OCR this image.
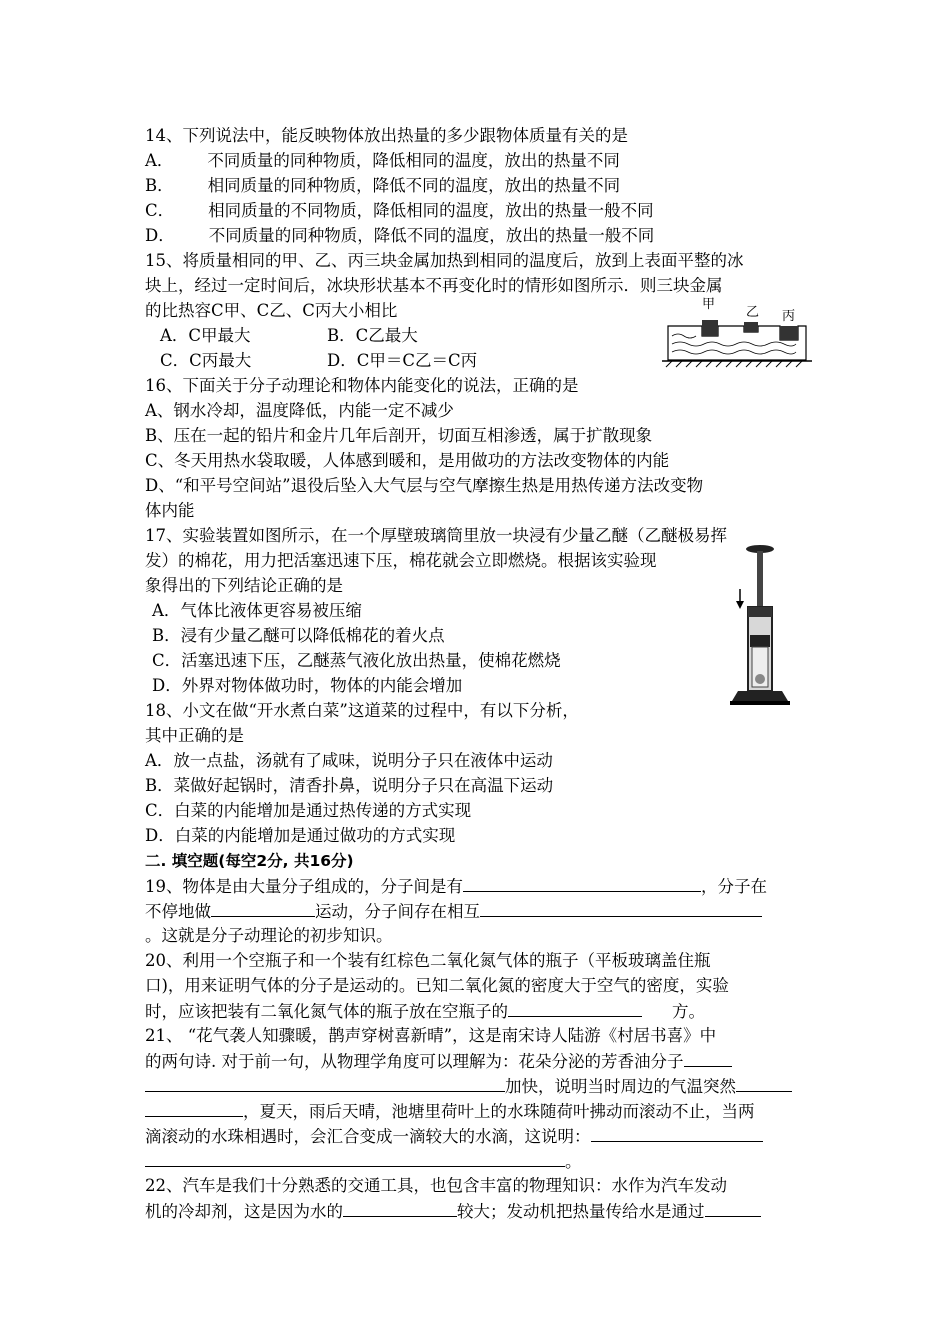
14、下列说法中，能反映物体放出热量的多少跟物体质量有关的是
A． 不同质量的同种物质，降低相同的温度，放出的热量不同
B． 相同质量的同种物质，降低不同的温度，放出的热量不同
C． 相同质量的不同物质，降低相同的温度，放出的热量一般不同
D． 不同质量的同种物质，降低不同的温度，放出的热量一般不同
15、将质量相同的甲、乙、丙三块金属加热到相同的温度后，放到上表面平整的冰
块上，经过一定时间后，冰块形状基本不再变化时的情形如图所示．则三块金属
的比热容C甲、C乙、C丙大小相比
A．C甲最大	B．C乙最大
C．C丙最大	D．C甲＝C乙＝C丙
甲
乙 丙
16、下面关于分子动理论和物体内能变化的说法，正确的是
A、钢水冷却，温度降低，内能一定不减少
B、压在一起的铅片和金片几年后剖开，切面互相渗透，属于扩散现象
C、冬天用热水袋取暖，人体感到暖和，是用做功的方法改变物体的内能
D、“和平号空间站”退役后坠入大气层与空气摩擦生热是用热传递方法改变物
体内能
17、实验装置如图所示，在一个厚壁玻璃筒里放一块浸有少量乙醚（乙醚极易挥
发）的棉花，用力把活塞迅速下压，棉花就会立即燃烧。根据该实验现
象得出的下列结论正确的是
A．气体比液体更容易被压缩
B．浸有少量乙醚可以降低棉花的着火点
C．活塞迅速下压，乙醚蒸气液化放出热量，使棉花燃烧
D．外界对物体做功时，物体的内能会增加
18、小文在做“开水煮白菜”这道菜的过程中，有以下分析，
其中正确的是
A．放一点盐，汤就有了咸味，说明分子只在液体中运动
B．菜做好起锅时，清香扑鼻，说明分子只在高温下运动
C．白菜的内能增加是通过热传递的方式实现
D．白菜的内能增加是通过做功的方式实现
二. 填空题(每空2分, 共16分)
19、物体是由大量分子组成的，分子间是有	，分子在
不停地做	运动，分子间存在相互
。这就是分子动理论的初步知识。
20、利用一个空瓶子和一个装有红棕色二氧化氮气体的瓶子（平板玻璃盖住瓶
口)，用来证明气体的分子是运动的。已知二氧化氮的密度大于空气的密度，实验
时，应该把装有二氧化氮气体的瓶子放在空瓶子的	方。
21、 “花气袭人知骤暖，鹊声穿树喜新晴”，这是南宋诗人陆游《村居书喜》中
的两句诗. 对于前一句，从物理学角度可以理解为：花朵分泌的芳香油分子
加快，说明当时周边的气温突然
，夏天，雨后天晴，池塘里荷叶上的水珠随荷叶拂动而滚动不止，当两
滴滚动的水珠相遇时，会汇合变成一滴较大的水滴，这说明：
。
22、汽车是我们十分熟悉的交通工具，也包含丰富的物理知识：水作为汽车发动
机的冷却剂，这是因为水的	较大；发动机把热量传给水是通过
